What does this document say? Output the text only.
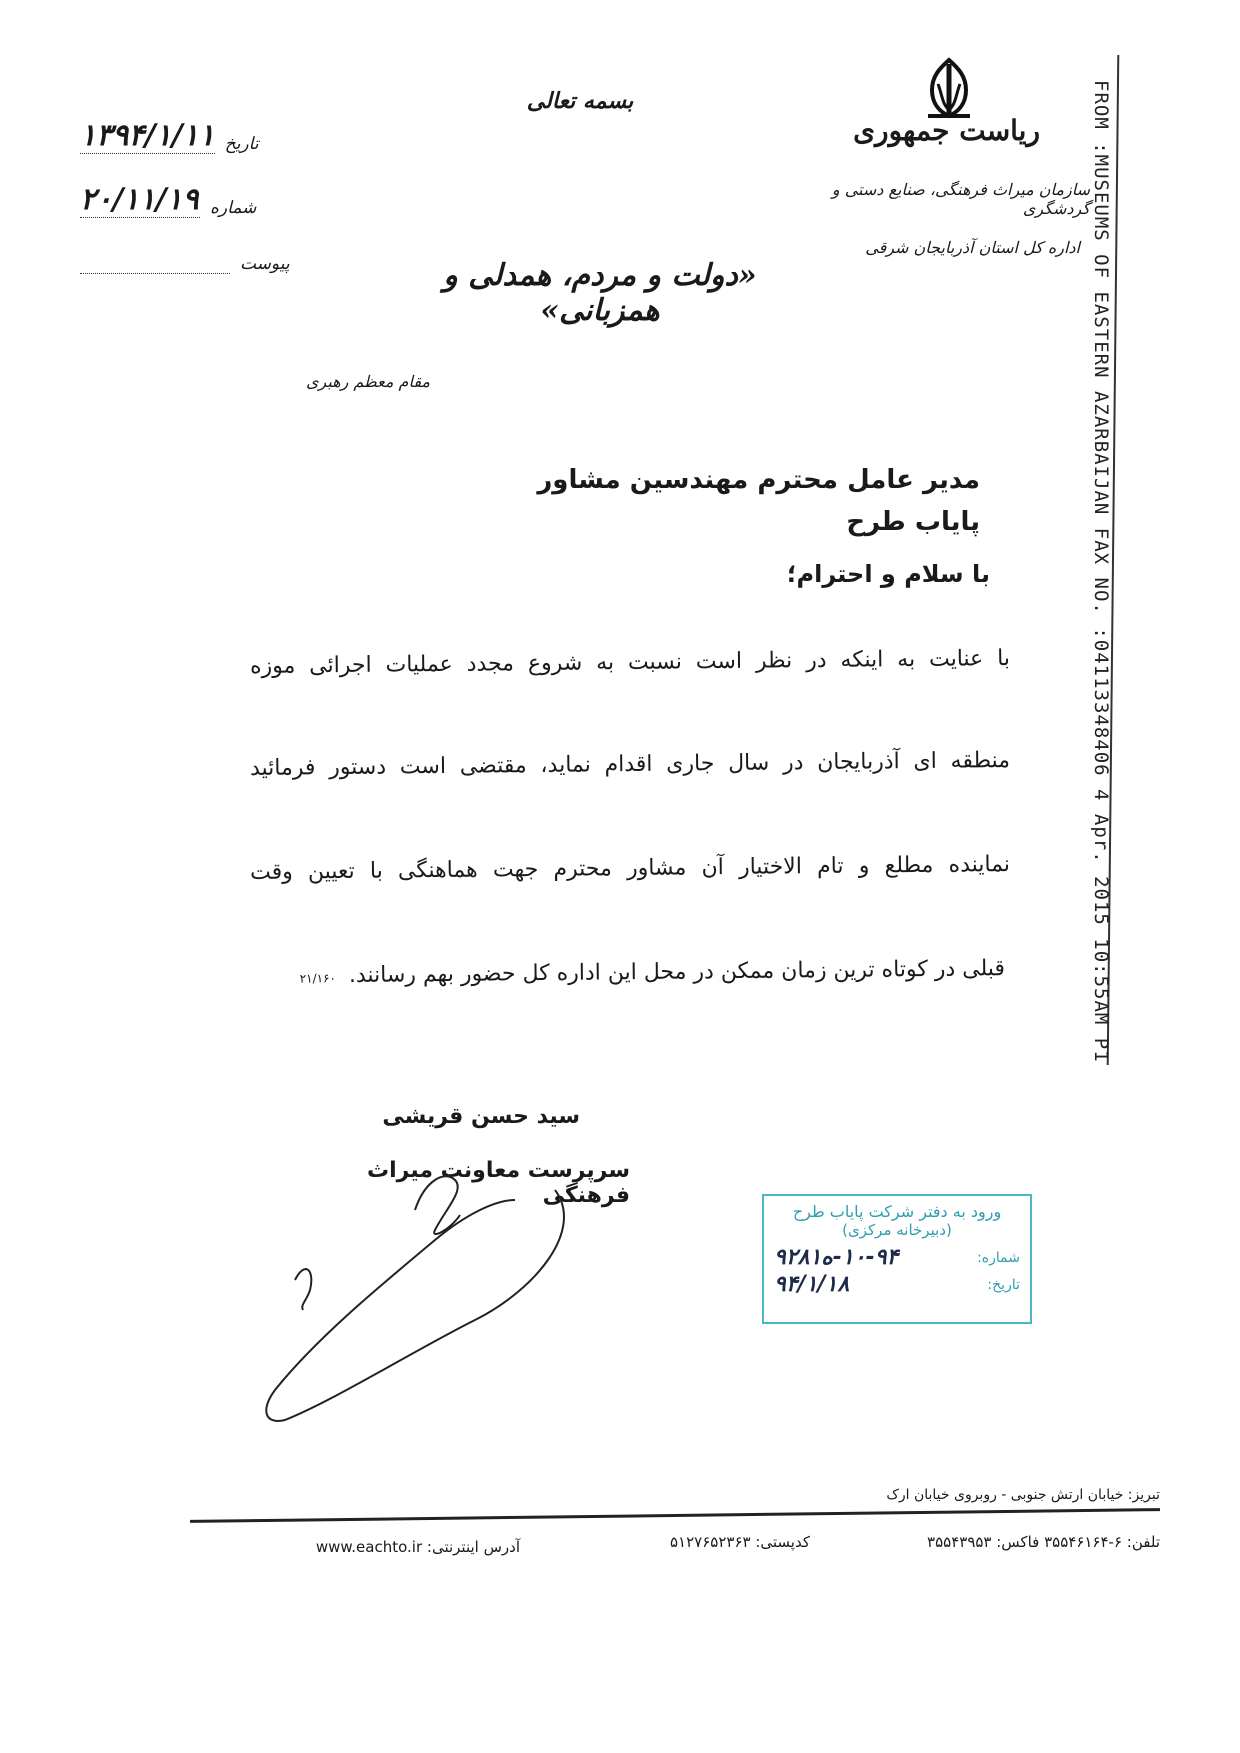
ریاست جمهوری
سازمان میراث فرهنگی، صنایع دستی و گردشگری
اداره کل استان آذربایجان شرقی
بسمه تعالی
«دولت و مردم، همدلی و همزبانی»
تاریخ
۱۳۹۴/۱/۱۱
شماره
۲۰/۱۱/۱۹
پیوست
مقام معظم رهبری
مدیر عامل محترم مهندسین مشاور پایاب طرح
با سلام و احترام؛
با عنایت به اینکه در نظر است نسبت به شروع مجدد عملیات اجرائی موزه
منطقه ای آذربایجان در سال جاری اقدام نماید، مقتضی است دستور فرمائید
نماینده مطلع و تام الاختیار آن مشاور محترم جهت هماهنگی با تعیین وقت
قبلی در کوتاه ترین زمان ممکن در محل این اداره کل حضور بهم رسانند. ۲۱/۱۶۰
سید حسن قریشی
سرپرست معاونت میراث فرهنگی
ورود به دفتر شرکت پایاب طرح
(دبیرخانه مرکزی)
شماره:
۱۰-۹۴-ه۹۲۸۱
تاریخ:
۹۴/۱/۱۸
تبریز: خیابان ارتش جنوبی - روبروی خیابان ارک
تلفن: ۶-۳۵۵۴۶۱۶۴ فاکس: ۳۵۵۴۳۹۵۳
کدپستی: ۵۱۲۷۶۵۲۳۶۳
آدرس اینترنتی: www.eachto.ir
FROM :MUSEUMS OF EASTERN AZARBAIJAN FAX NO. :04113348406 4 Apr. 2015 10:55AM P1
